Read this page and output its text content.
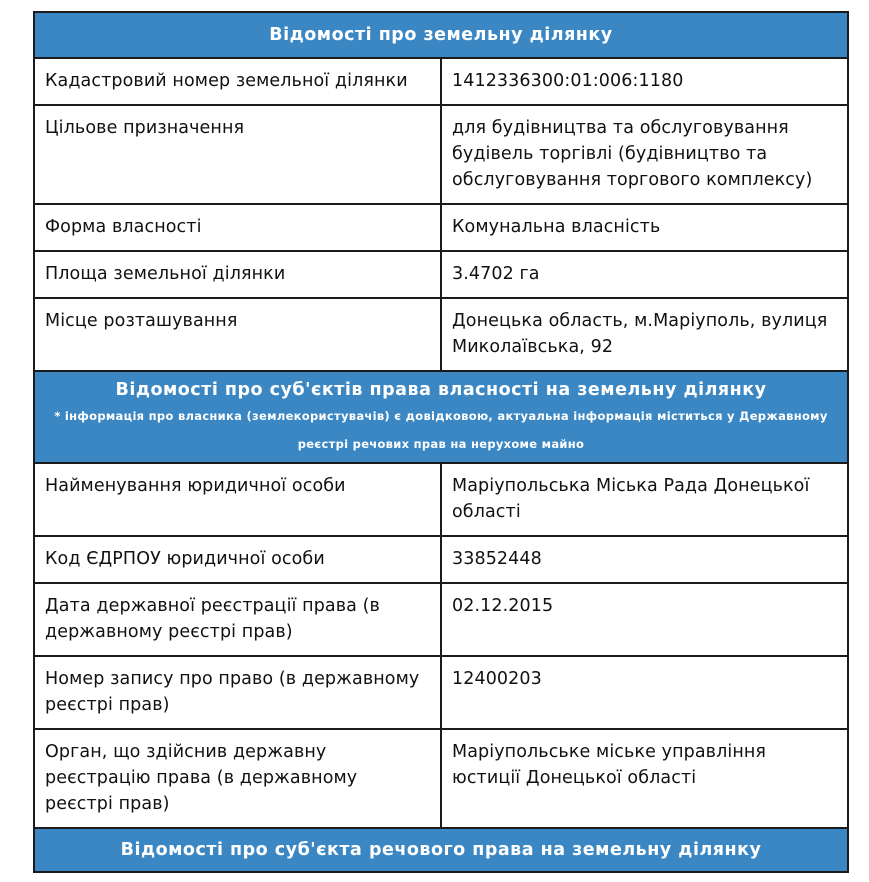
Відомості про земельну ділянку	

Кадастровий номер земельної ділянки	1412336300:01:006:1180
Цільове призначення	для будівництва та обслуговування будівель торгівлі (будівництво та обслуговування торгового комплексу)
Форма власності	Комунальна власність
Площа земельної ділянки	3.4702 га
Місце розташування	Донецька область, м.Маріуполь, вулиця Миколаївська, 92

Відомості про суб'єктів права власності на земельну ділянку
* інформація про власника (землекористувачів) є довідковою, актуальна інформація міститься у Державному реєстрі речових прав на нерухоме майно	

Найменування юридичної особи	Маріупольська Міська Рада Донецької області
Код ЄДРПОУ юридичної особи	33852448
Дата державної реєстрації права (в державному реєстрі прав)	02.12.2015
Номер запису про право (в державному реєстрі прав)	12400203
Орган, що здійснив державну реєстрацію права (в державному реєстрі прав)	Маріупольське міське управління юстиції Донецької області

Відомості про суб'єкта речового права на земельну ділянку	
